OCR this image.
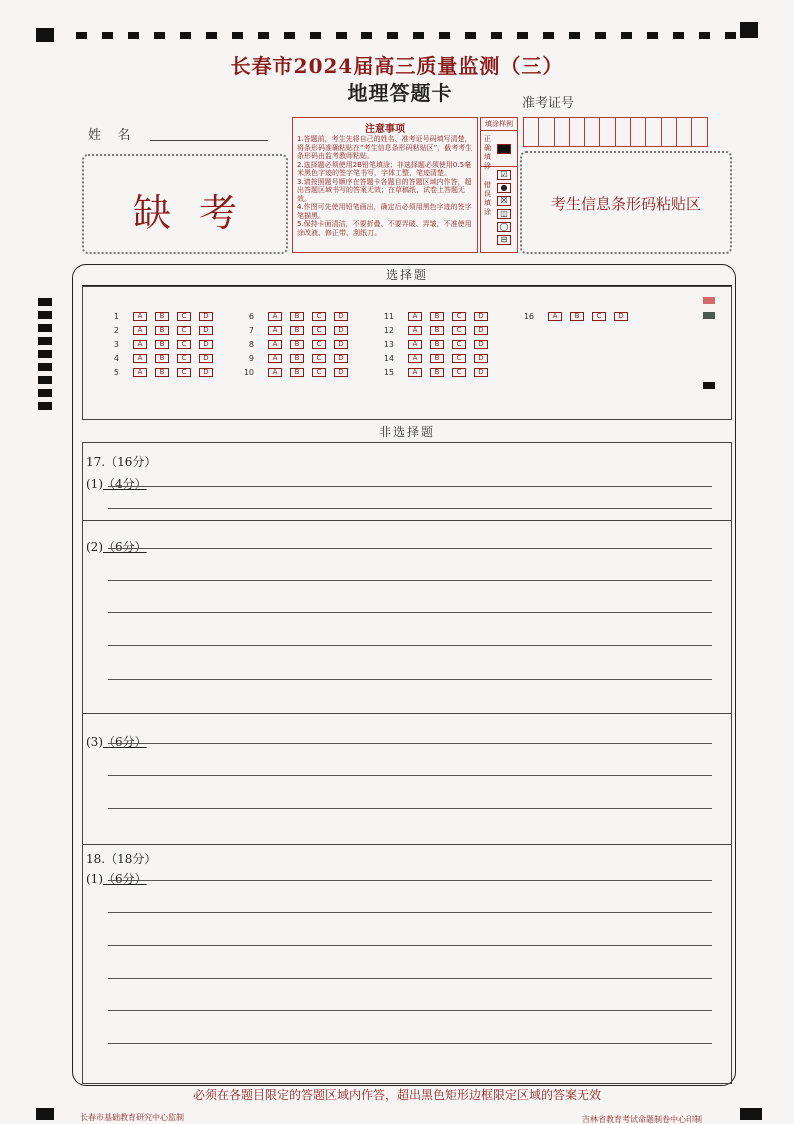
长春市2024届高三质量监测（三）
地理答题卡	准考证号
姓    名
缺考	考生信息条形码粘贴区
注意事项
1.答题前，考生先将自己的姓名、准考证号码填写清楚，将条形码准确粘贴在“考生信息条形码粘贴区”，截考考生条形码由监考教师粘贴。
2.选择题必须使用2B铅笔填涂；非选择题必须使用0.5毫米黑色字迹的签字笔书写，字体工整、笔迹清楚。
3.请按照题号顺序在答题卡各题目的答题区域内作答，超出答题区域书写的答案无效；在草稿纸、试卷上答题无效。
4.作图可先使用铅笔画出，确定后必须用黑色字迹的签字笔描黑。
5.保持卡面清洁，不要折叠、不要弄破、弄皱，不准使用涂改液、修正带、刮纸刀。
填涂样例
正确填涂
错误填涂
☑
●
☒
◫
◯
⊟
选择题
1	A	B	C	D
2	A	B	C	D
3	A	B	C	D
4	A	B	C	D
5	A	B	C	D
6	A	B	C	D
7	A	B	C	D
8	A	B	C	D
9	A	B	C	D
10	A	B	C	D
11	A	B	C	D
12	A	B	C	D
13	A	B	C	D
14	A	B	C	D
15	A	B	C	D
16	A	B	C	D
非选择题
17.（16分）
(1)（4分）
(2)（6分）
(3)（6分）
18.（18分）
(1)（6分）
必须在各题目限定的答题区域内作答，超出黑色矩形边框限定区域的答案无效
长春市基础教育研究中心监制	吉林省教育考试命题制卷中心印制
